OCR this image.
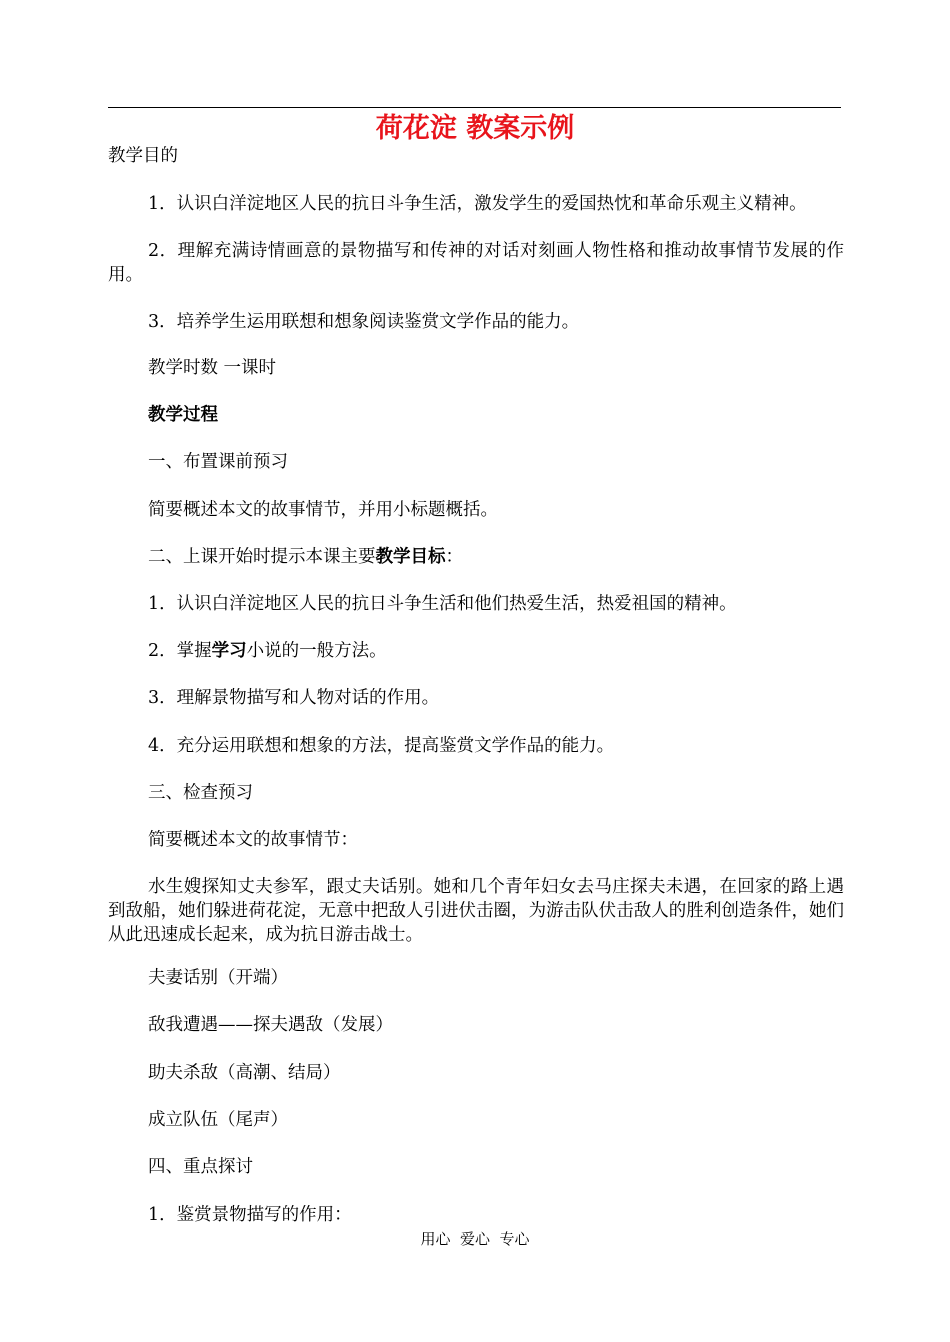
荷花淀 教案示例
教学目的
1．认识白洋淀地区人民的抗日斗争生活，激发学生的爱国热忱和革命乐观主义精神。
2．理解充满诗情画意的景物描写和传神的对话对刻画人物性格和推动故事情节发展的作用。
3．培养学生运用联想和想象阅读鉴赏文学作品的能力。
教学时数 一课时
教学过程
一、布置课前预习
简要概述本文的故事情节，并用小标题概括。
二、上课开始时提示本课主要教学目标：
1．认识白洋淀地区人民的抗日斗争生活和他们热爱生活，热爱祖国的精神。
2．掌握学习小说的一般方法。
3．理解景物描写和人物对话的作用。
4．充分运用联想和想象的方法，提高鉴赏文学作品的能力。
三、检查预习
简要概述本文的故事情节：
水生嫂探知丈夫参军，跟丈夫话别。她和几个青年妇女去马庄探夫未遇，在回家的路上遇到敌船，她们躲进荷花淀，无意中把敌人引进伏击圈，为游击队伏击敌人的胜利创造条件，她们从此迅速成长起来，成为抗日游击战士。
夫妻话别（开端）
敌我遭遇——探夫遇敌（发展）
助夫杀敌（高潮、结局）
成立队伍（尾声）
四、重点探讨
1．鉴赏景物描写的作用：
用心  爱心  专心
